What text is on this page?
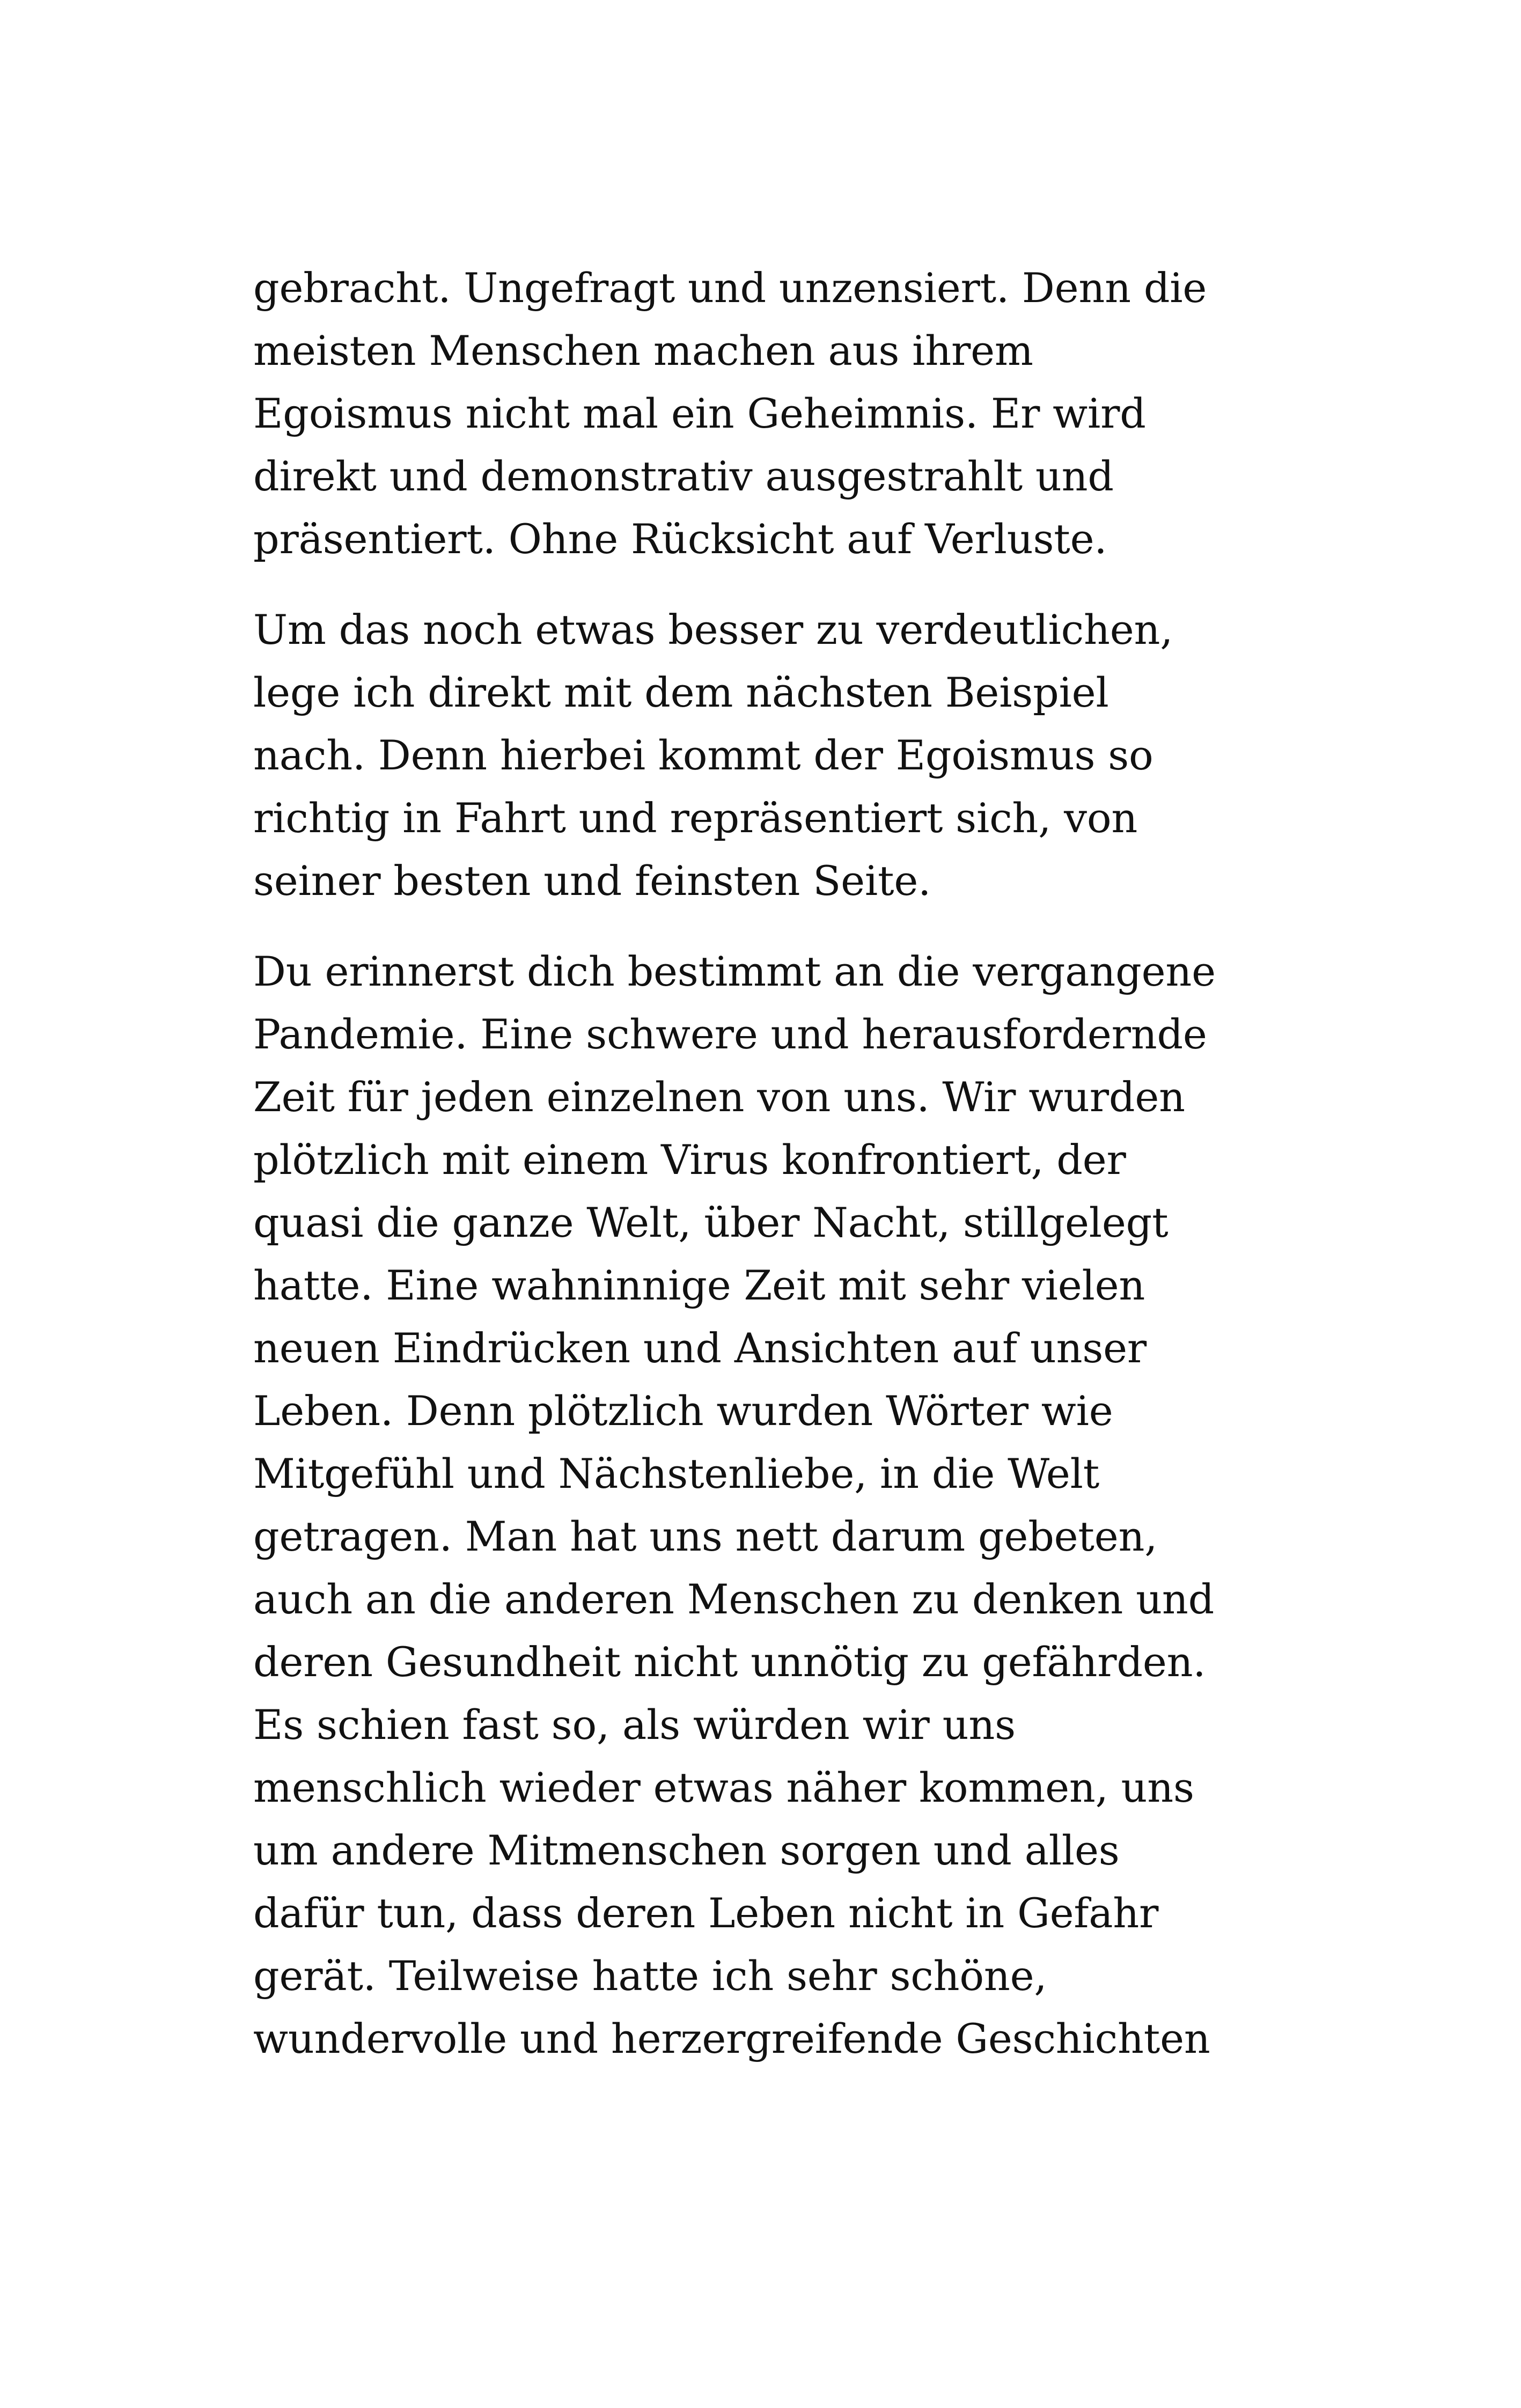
gebracht. Ungefragt und unzensiert. Denn die
meisten Menschen machen aus ihrem
Egoismus nicht mal ein Geheimnis. Er wird
direkt und demonstrativ ausgestrahlt und
präsentiert. Ohne Rücksicht auf Verluste.

Um das noch etwas besser zu verdeutlichen,
lege ich direkt mit dem nächsten Beispiel
nach. Denn hierbei kommt der Egoismus so
richtig in Fahrt und repräsentiert sich, von
seiner besten und feinsten Seite.

Du erinnerst dich bestimmt an die vergangene
Pandemie. Eine schwere und herausfordernde
Zeit für jeden einzelnen von uns. Wir wurden
plötzlich mit einem Virus konfrontiert, der
quasi die ganze Welt, über Nacht, stillgelegt
hatte. Eine wahninnige Zeit mit sehr vielen
neuen Eindrücken und Ansichten auf unser
Leben. Denn plötzlich wurden Wörter wie
Mitgefühl und Nächstenliebe, in die Welt
getragen. Man hat uns nett darum gebeten,
auch an die anderen Menschen zu denken und
deren Gesundheit nicht unnötig zu gefährden.
Es schien fast so, als würden wir uns
menschlich wieder etwas näher kommen, uns
um andere Mitmenschen sorgen und alles
dafür tun, dass deren Leben nicht in Gefahr
gerät. Teilweise hatte ich sehr schöne,
wundervolle und herzergreifende Geschichten
